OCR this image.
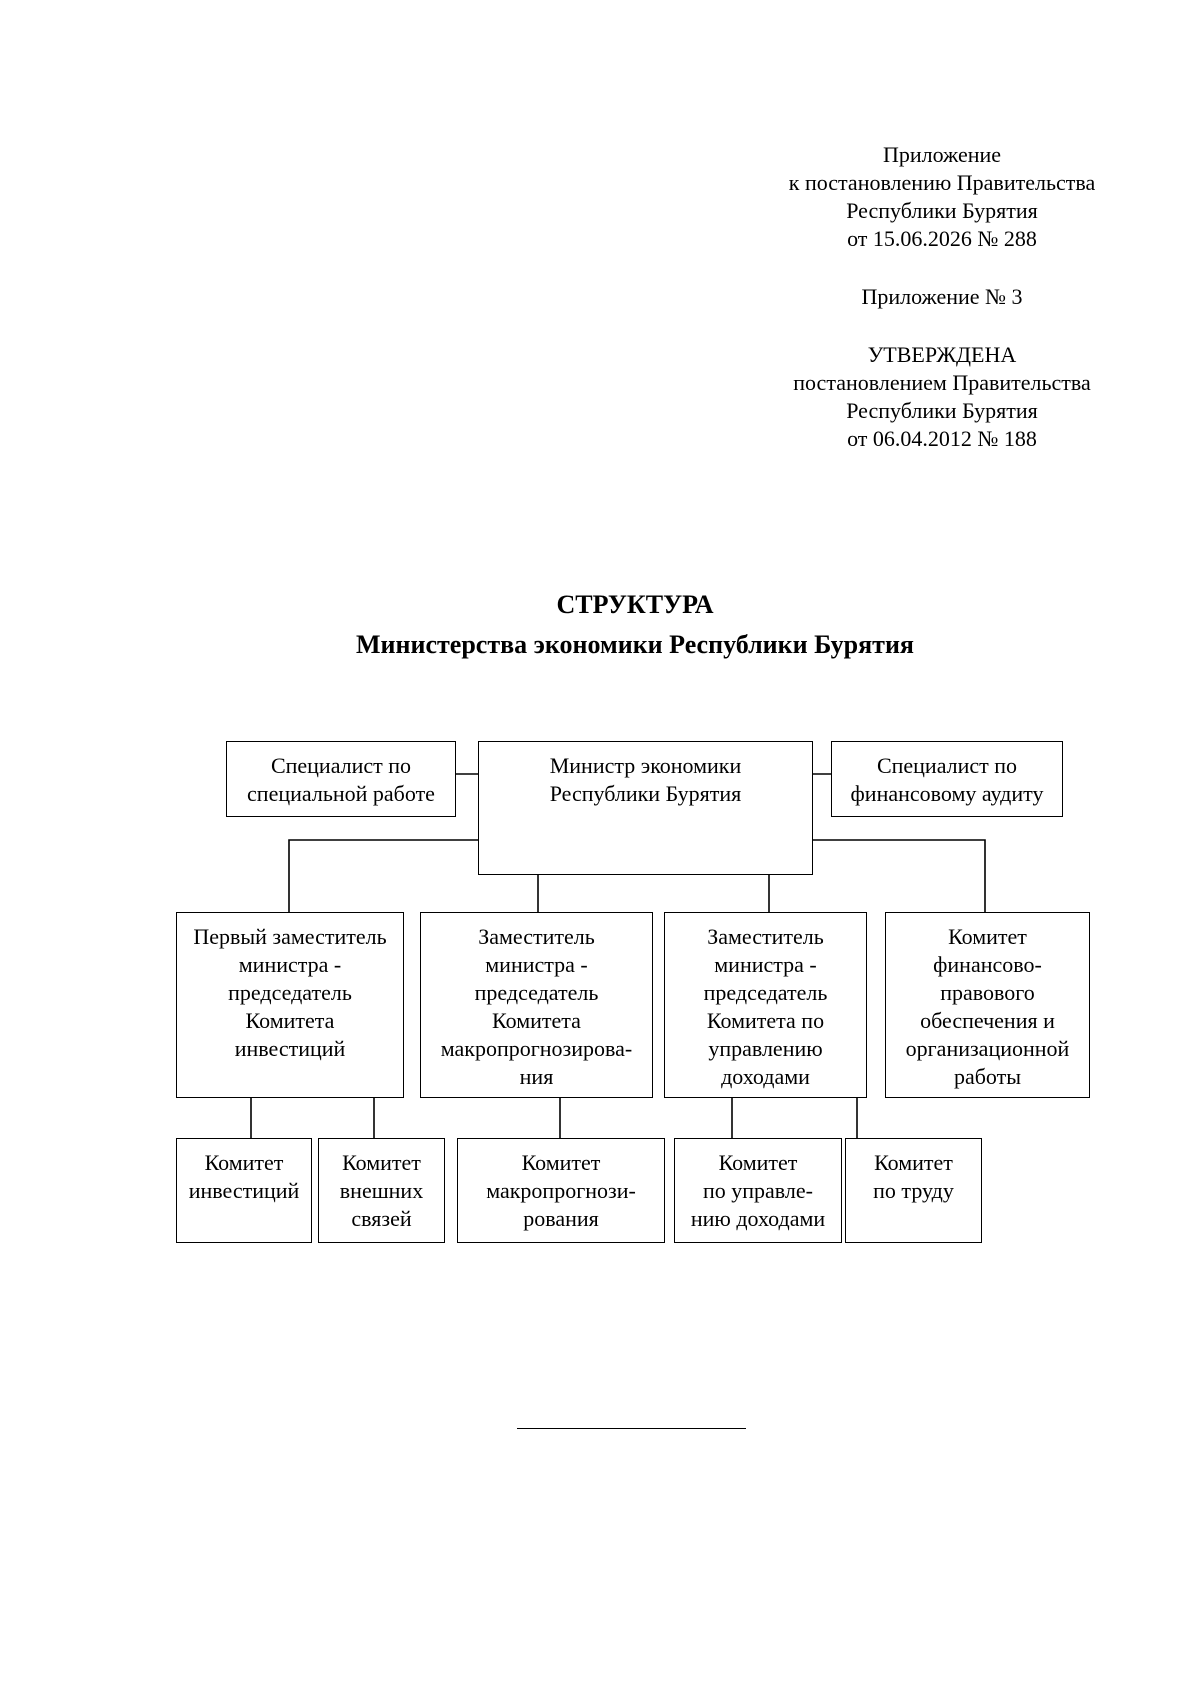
Приложение
к постановлению Правительства
Республики Бурятия
от 15.06.2026 № 288
Приложение № 3
УТВЕРЖДЕНА
постановлением Правительства
Республики Бурятия
от 06.04.2012 № 188
СТРУКТУРА
Министерства экономики Республики Бурятия
Специалист по
специальной работе
Министр экономики
Республики Бурятия
Специалист по
финансовому аудиту
Первый заместитель
министра -
председатель
Комитета
инвестиций
Заместитель
министра -
председатель
Комитета
макропрогнозирова-
ния
Заместитель
министра -
председатель
Комитета по
управлению
доходами
Комитет
финансово-
правового
обеспечения и
организационной
работы
Комитет
инвестиций
Комитет
внешних
связей
Комитет
макропрогнози-
рования
Комитет
по управле-
нию доходами
Комитет
по труду
